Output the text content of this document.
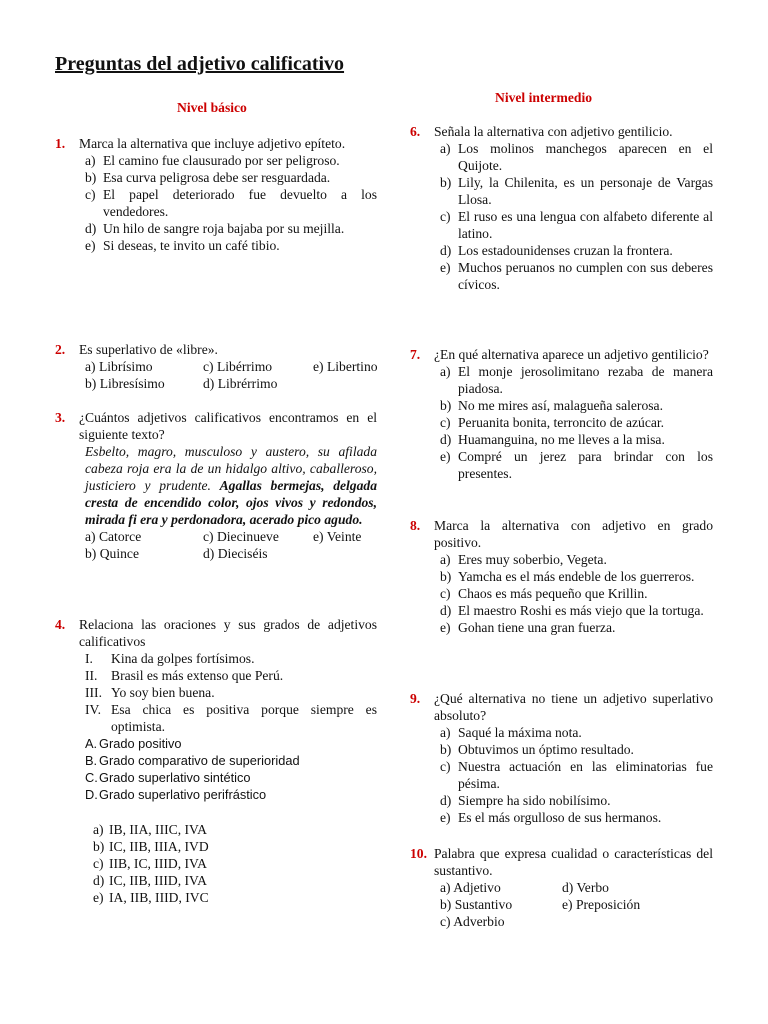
Preguntas del adjetivo calificativo
Nivel básico
1. Marca la alternativa que incluye adjetivo epíteto.
a) El camino fue clausurado por ser peligroso.
b) Esa curva peligrosa debe ser resguardada.
c) El papel deteriorado fue devuelto a los vendedores.
d) Un hilo de sangre roja bajaba por su mejilla.
e) Si deseas, te invito un café tibio.
2. Es superlativo de «libre».
a) Librísimo	c) Libérrimo	e) Libertino
b) Libresísimo	d) Librérrimo
3. ¿Cuántos adjetivos calificativos encontramos en el siguiente texto?
Esbelto, magro, musculoso y austero, su afilada cabeza roja era la de un hidalgo altivo, caballeroso, justiciero y prudente. Agallas bermejas, delgada cresta de encendido color, ojos vivos y redondos, mirada fi era y perdonadora, acerado pico agudo.
a) Catorce	c) Diecinueve	e) Veinte
b) Quince	d) Dieciséis
4. Relaciona las oraciones y sus grados de adjetivos calificativos
I.	Kina da golpes fortísimos.
II. Brasil es más extenso que Perú.
III. Yo soy bien buena.
IV. Esa chica es positiva porque siempre es optimista.
A. Grado positivo
B. Grado comparativo de superioridad
C. Grado superlativo sintético
D. Grado superlativo perifrástico
a) IB, IIA, IIIC, IVA
b) IC, IIB, IIIA, IVD
c) IIB, IC, IIID, IVA
d) IC, IIB, IIID, IVA
e) IA, IIB, IIID, IVC
Nivel intermedio
6. Señala la alternativa con adjetivo gentilicio.
a) Los molinos manchegos aparecen en el Quijote.
b) Lily, la Chilenita, es un personaje de Vargas Llosa.
c) El ruso es una lengua con alfabeto diferente al latino.
d) Los estadounidenses cruzan la frontera.
e) Muchos peruanos no cumplen con sus deberes cívicos.
7. ¿En qué alternativa aparece un adjetivo gentilicio?
a) El monje jerosolimitano rezaba de manera piadosa.
b) No me mires así, malagueña salerosa.
c) Peruanita bonita, terroncito de azúcar.
d) Huamanguina, no me lleves a la misa.
e) Compré un jerez para brindar con los presentes.
8. Marca la alternativa con adjetivo en grado positivo.
a) Eres muy soberbio, Vegeta.
b) Yamcha es el más endeble de los guerreros.
c) Chaos es más pequeño que Krillin.
d) El maestro Roshi es más viejo que la tortuga.
e) Gohan tiene una gran fuerza.
9. ¿Qué alternativa no tiene un adjetivo superlativo absoluto?
a) Saqué la máxima nota.
b) Obtuvimos un óptimo resultado.
c) Nuestra actuación en las eliminatorias fue pésima.
d) Siempre ha sido nobilísimo.
e) Es el más orgulloso de sus hermanos.
10. Palabra que expresa cualidad o características del sustantivo.
a) Adjetivo	d) Verbo
b) Sustantivo	e) Preposición
c) Adverbio
